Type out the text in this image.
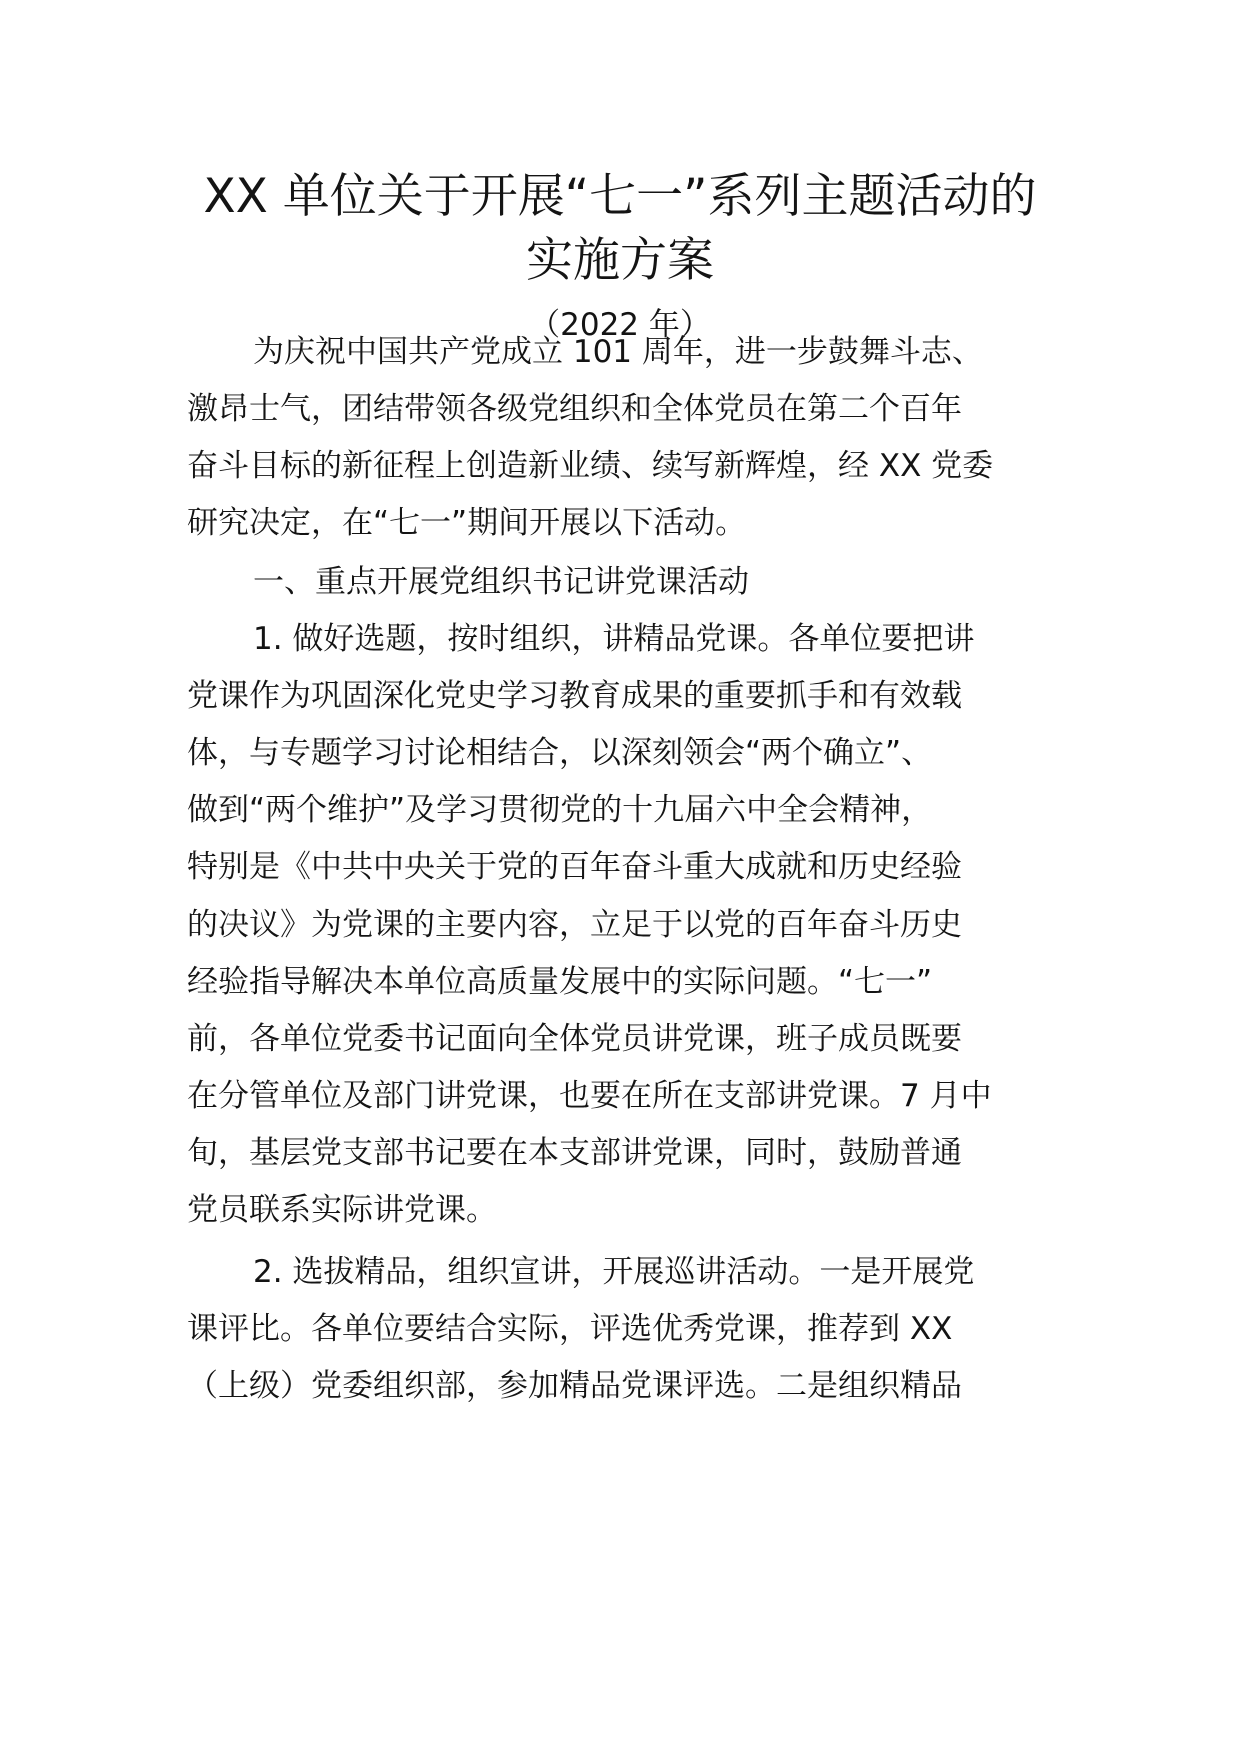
XX 单位关于开展“七一”系列主题活动的
实施方案
（2022 年）
为庆祝中国共产党成立 101 周年，进一步鼓舞斗志、
激昂士气，团结带领各级党组织和全体党员在第二个百年
奋斗目标的新征程上创造新业绩、续写新辉煌，经 XX 党委
研究决定，在“七一”期间开展以下活动。
一、重点开展党组织书记讲党课活动
1. 做好选题，按时组织，讲精品党课。各单位要把讲
党课作为巩固深化党史学习教育成果的重要抓手和有效载
体，与专题学习讨论相结合，以深刻领会“两个确立”、
做到“两个维护”及学习贯彻党的十九届六中全会精神，
特别是《中共中央关于党的百年奋斗重大成就和历史经验
的决议》为党课的主要内容，立足于以党的百年奋斗历史
经验指导解决本单位高质量发展中的实际问题。“七一”
前，各单位党委书记面向全体党员讲党课，班子成员既要
在分管单位及部门讲党课，也要在所在支部讲党课。7 月中
旬，基层党支部书记要在本支部讲党课，同时，鼓励普通
党员联系实际讲党课。
2. 选拔精品，组织宣讲，开展巡讲活动。一是开展党
课评比。各单位要结合实际，评选优秀党课，推荐到 XX
（上级）党委组织部，参加精品党课评选。二是组织精品
